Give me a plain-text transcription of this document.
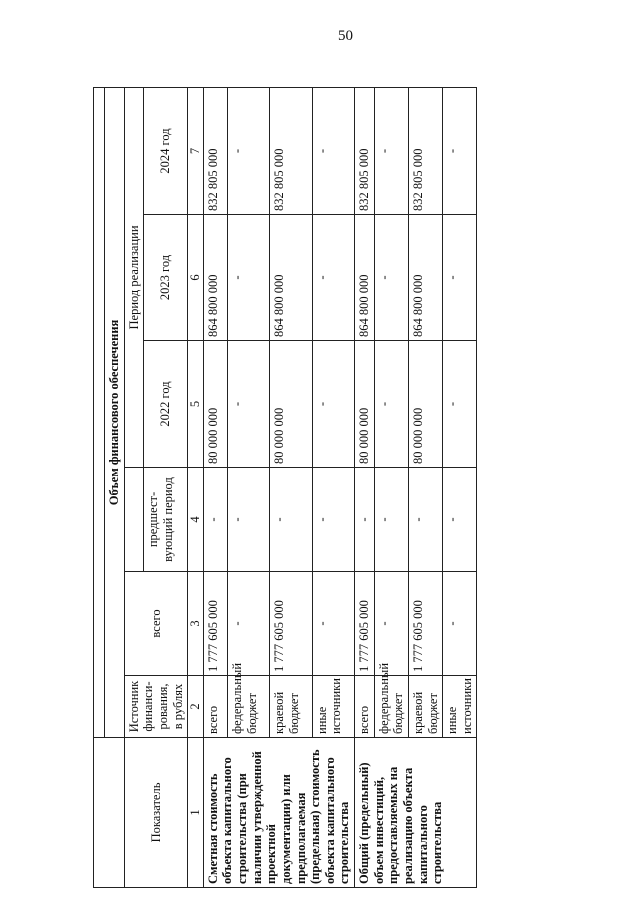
50

	Объем финансового обеспечения					
Показатель	Источник финанси-рования, в рублях	всего		Период реализации		
			предшест-вующий период	2022 год	2023 год	2024 год

1	2	3	4	5	6	7
Сметная стоимость объекта капитального строительства (при наличии утвержденной проектной документации) или предполагаемая (предельная) стоимость объекта капитального строительства	всего	1 777 605 000	-	80 000 000	864 800 000	832 805 000
	федеральный бюджет	-	-	-	-	-
	краевой бюджет	1 777 605 000	-	80 000 000	864 800 000	832 805 000
	иные источники	-	-	-	-	-
Общий (предельный) объем инвестиций, предоставляемых на реализацию объекта капитального строительства	всего	1 777 605 000	-	80 000 000	864 800 000	832 805 000
	федеральный бюджет	-	-	-	-	-
	краевой бюджет	1 777 605 000	-	80 000 000	864 800 000	832 805 000
	иные источники	-	-	-	-	-
